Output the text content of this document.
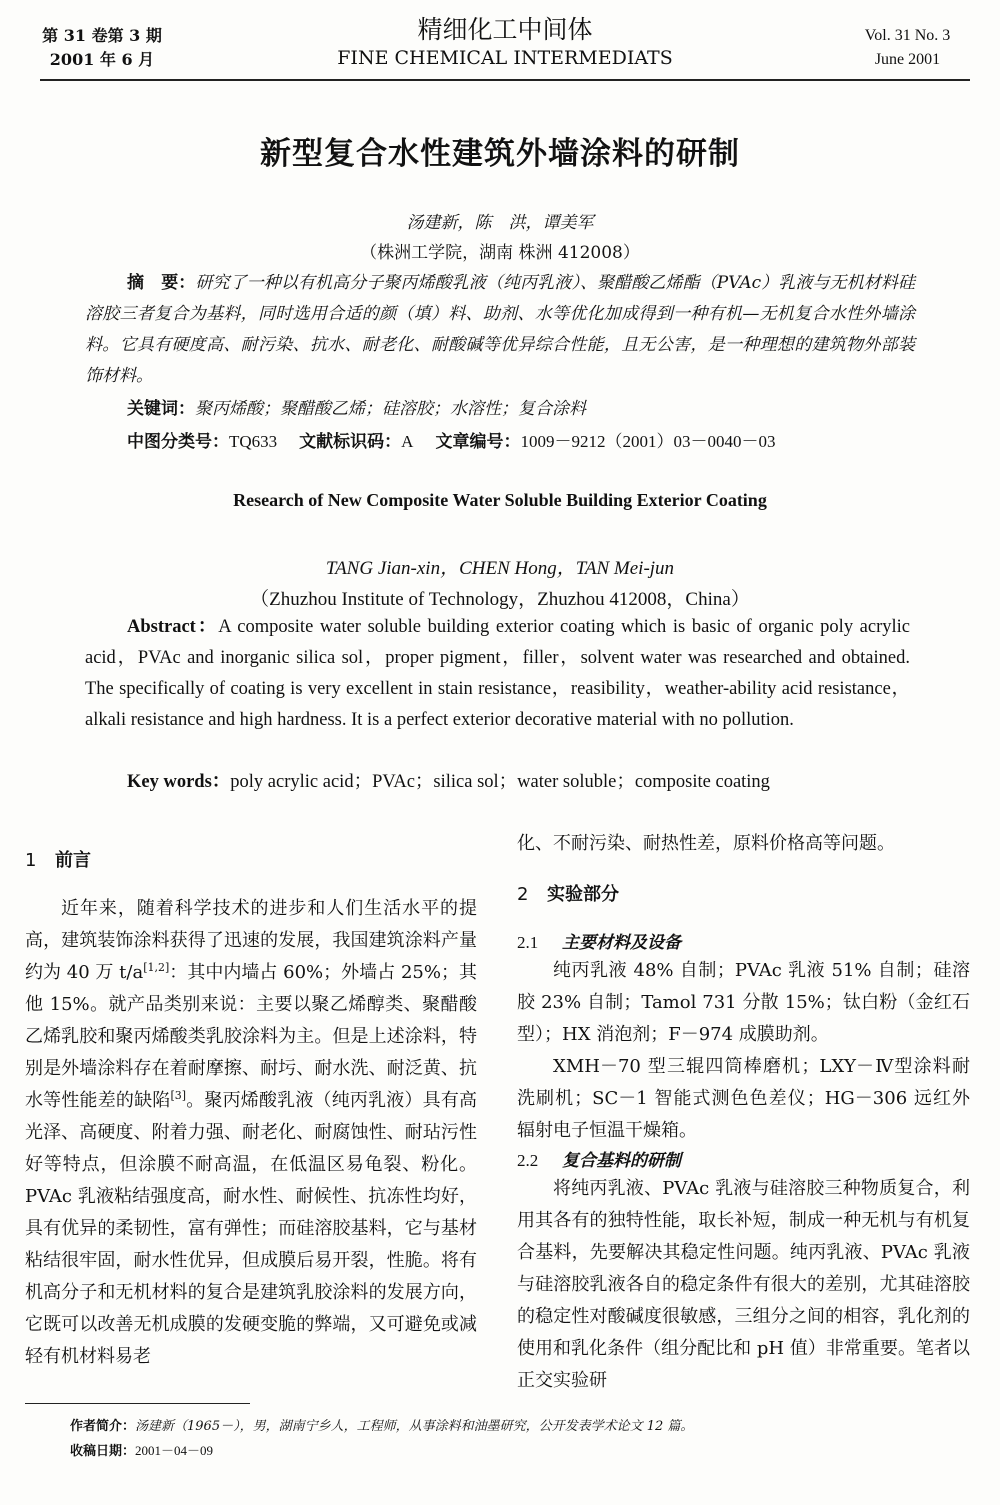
第 31 卷第 3 期
2001 年 6 月
精细化工中间体
FINE CHEMICAL INTERMEDIATS
Vol. 31 No. 3
June 2001
新型复合水性建筑外墙涂料的研制
汤建新，陈　洪，谭美军
（株洲工学院，湖南 株洲 412008）
摘　要：研究了一种以有机高分子聚丙烯酸乳液（纯丙乳液）、聚醋酸乙烯酯（PVAc）乳液与无机材料硅溶胶三者复合为基料，同时选用合适的颜（填）料、助剂、水等优化加成得到一种有机—无机复合水性外墙涂料。它具有硬度高、耐污染、抗水、耐老化、耐酸碱等优异综合性能，且无公害，是一种理想的建筑物外部装饰材料。
关键词：聚丙烯酸；聚醋酸乙烯；硅溶胶；水溶性；复合涂料
中图分类号：TQ633 文献标识码：A 文章编号：1009－9212（2001）03－0040－03
Research of New Composite Water Soluble Building Exterior Coating
TANG Jian-xin，CHEN Hong，TAN Mei-jun
（Zhuzhou Institute of Technology，Zhuzhou 412008，China）
Abstract：A composite water soluble building exterior coating which is basic of organic poly acrylic acid，PVAc and inorganic silica sol，proper pigment，filler，solvent water was researched and obtained. The specifically of coating is very excellent in stain resistance，reasibility，weather-ability acid resistance，alkali resistance and high hardness. It is a perfect exterior decorative material with no pollution.
Key words：poly acrylic acid；PVAc；silica sol；water soluble；composite coating
1 前言

近年来，随着科学技术的进步和人们生活水平的提高，建筑装饰涂料获得了迅速的发展，我国建筑涂料产量约为 40 万 t/a[1,2]：其中内墙占 60%；外墙占 25%；其他 15%。就产品类别来说：主要以聚乙烯醇类、聚醋酸乙烯乳胶和聚丙烯酸类乳胶涂料为主。但是上述涂料，特别是外墙涂料存在着耐摩擦、耐圬、耐水洗、耐泛黄、抗水等性能差的缺陷[3]。聚丙烯酸乳液（纯丙乳液）具有高光泽、高硬度、附着力强、耐老化、耐腐蚀性、耐玷污性好等特点，但涂膜不耐高温，在低温区易龟裂、粉化。PVAc 乳液粘结强度高，耐水性、耐候性、抗冻性均好，具有优异的柔韧性，富有弹性；而硅溶胶基料，它与基材粘结很牢固，耐水性优异，但成膜后易开裂，性脆。将有机高分子和无机材料的复合是建筑乳胶涂料的发展方向，它既可以改善无机成膜的发硬变脆的弊端，又可避免或减轻有机材料易老

化、不耐污染、耐热性差，原料价格高等问题。
2 实验部分
2.1 主要材料及设备

纯丙乳液 48% 自制；PVAc 乳液 51% 自制；硅溶胶 23% 自制；Tamol 731 分散 15%；钛白粉（金红石型）；HX 消泡剂；F－974 成膜助剂。

XMH－70 型三辊四筒棒磨机；LXY－Ⅳ型涂料耐洗刷机；SC－1 智能式测色色差仪；HG－306 远红外辐射电子恒温干燥箱。

2.2 复合基料的研制

将纯丙乳液、PVAc 乳液与硅溶胶三种物质复合，利用其各有的独特性能，取长补短，制成一种无机与有机复合基料，先要解决其稳定性问题。纯丙乳液、PVAc 乳液与硅溶胶乳液各自的稳定条件有很大的差别，尤其硅溶胶的稳定性对酸碱度很敏感，三组分之间的相容，乳化剂的使用和乳化条件（组分配比和 pH 值）非常重要。笔者以正交实验研

作者简介：汤建新（1965－），男，湖南宁乡人，工程师，从事涂料和油墨研究，公开发表学术论文 12 篇。
收稿日期：2001－04－09
